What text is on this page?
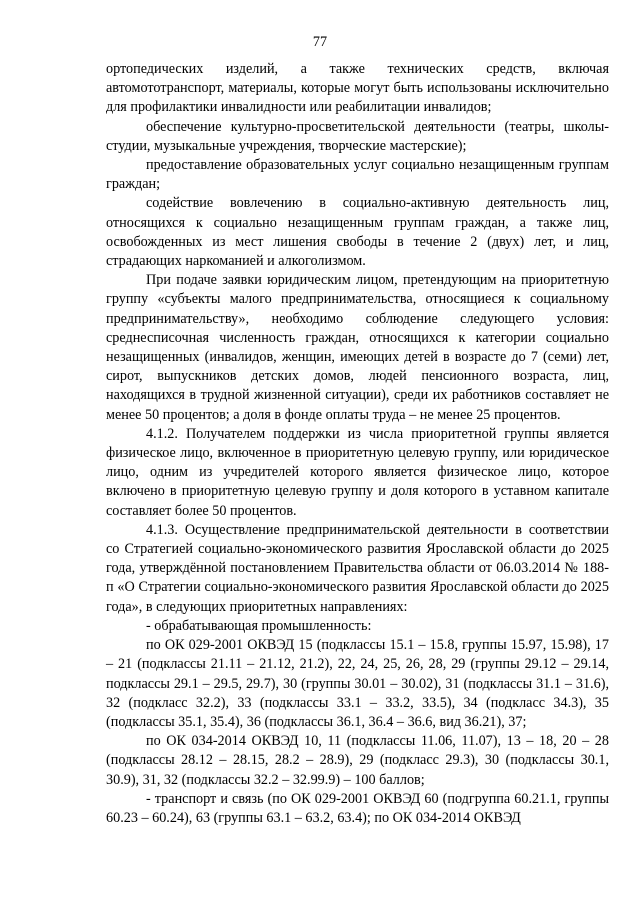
77

ортопедических изделий, а также технических средств, включая автомототранспорт, материалы, которые могут быть использованы исключительно для профилактики инвалидности или реабилитации инвалидов;

обеспечение культурно-просветительской деятельности (театры, школы-студии, музыкальные учреждения, творческие мастерские);

предоставление образовательных услуг социально незащищенным группам граждан;

содействие вовлечению в социально-активную деятельность лиц, относящихся к социально незащищенным группам граждан, а также лиц, освобожденных из мест лишения свободы в течение 2 (двух) лет, и лиц, страдающих наркоманией и алкоголизмом.

При подаче заявки юридическим лицом, претендующим на приоритетную группу «субъекты малого предпринимательства, относящиеся к социальному предпринимательству», необходимо соблюдение следующего условия: среднесписочная численность граждан, относящихся к категории социально незащищенных (инвалидов, женщин, имеющих детей в возрасте до 7 (семи) лет, сирот, выпускников детских домов, людей пенсионного возраста, лиц, находящихся в трудной жизненной ситуации), среди их работников составляет не менее 50 процентов; а доля в фонде оплаты труда – не менее 25 процентов.

4.1.2. Получателем поддержки из числа приоритетной группы является физическое лицо, включенное в приоритетную целевую группу, или юридическое лицо, одним из учредителей которого является физическое лицо, которое включено в приоритетную целевую группу и доля которого в уставном капитале составляет более 50 процентов.

4.1.3. Осуществление предпринимательской деятельности в соответствии со Стратегией социально-экономического развития Ярославской области до 2025 года, утверждённой постановлением Правительства области от 06.03.2014 № 188-п «О Стратегии социально-экономического развития Ярославской области до 2025 года», в следующих приоритетных направлениях:

- обрабатывающая промышленность:

по ОК 029-2001 ОКВЭД 15 (подклассы 15.1 – 15.8, группы 15.97, 15.98), 17 – 21 (подклассы 21.11 – 21.12, 21.2), 22, 24, 25, 26, 28, 29 (группы 29.12 – 29.14, подклассы 29.1 – 29.5, 29.7), 30 (группы 30.01 – 30.02), 31 (подклассы 31.1 – 31.6), 32 (подкласс 32.2), 33 (подклассы 33.1 – 33.2, 33.5), 34 (подкласс 34.3), 35 (подклассы 35.1, 35.4), 36 (подклассы 36.1, 36.4 – 36.6, вид 36.21), 37;

по ОК 034-2014 ОКВЭД 10, 11 (подклассы 11.06, 11.07), 13 – 18, 20 – 28 (подклассы 28.12 – 28.15, 28.2 – 28.9), 29 (подкласс 29.3), 30 (подклассы 30.1, 30.9), 31, 32 (подклассы 32.2 – 32.99.9) – 100 баллов;

- транспорт и связь (по ОК 029-2001 ОКВЭД 60 (подгруппа 60.21.1, группы 60.23 – 60.24), 63 (группы 63.1 – 63.2, 63.4); по ОК 034-2014 ОКВЭД
